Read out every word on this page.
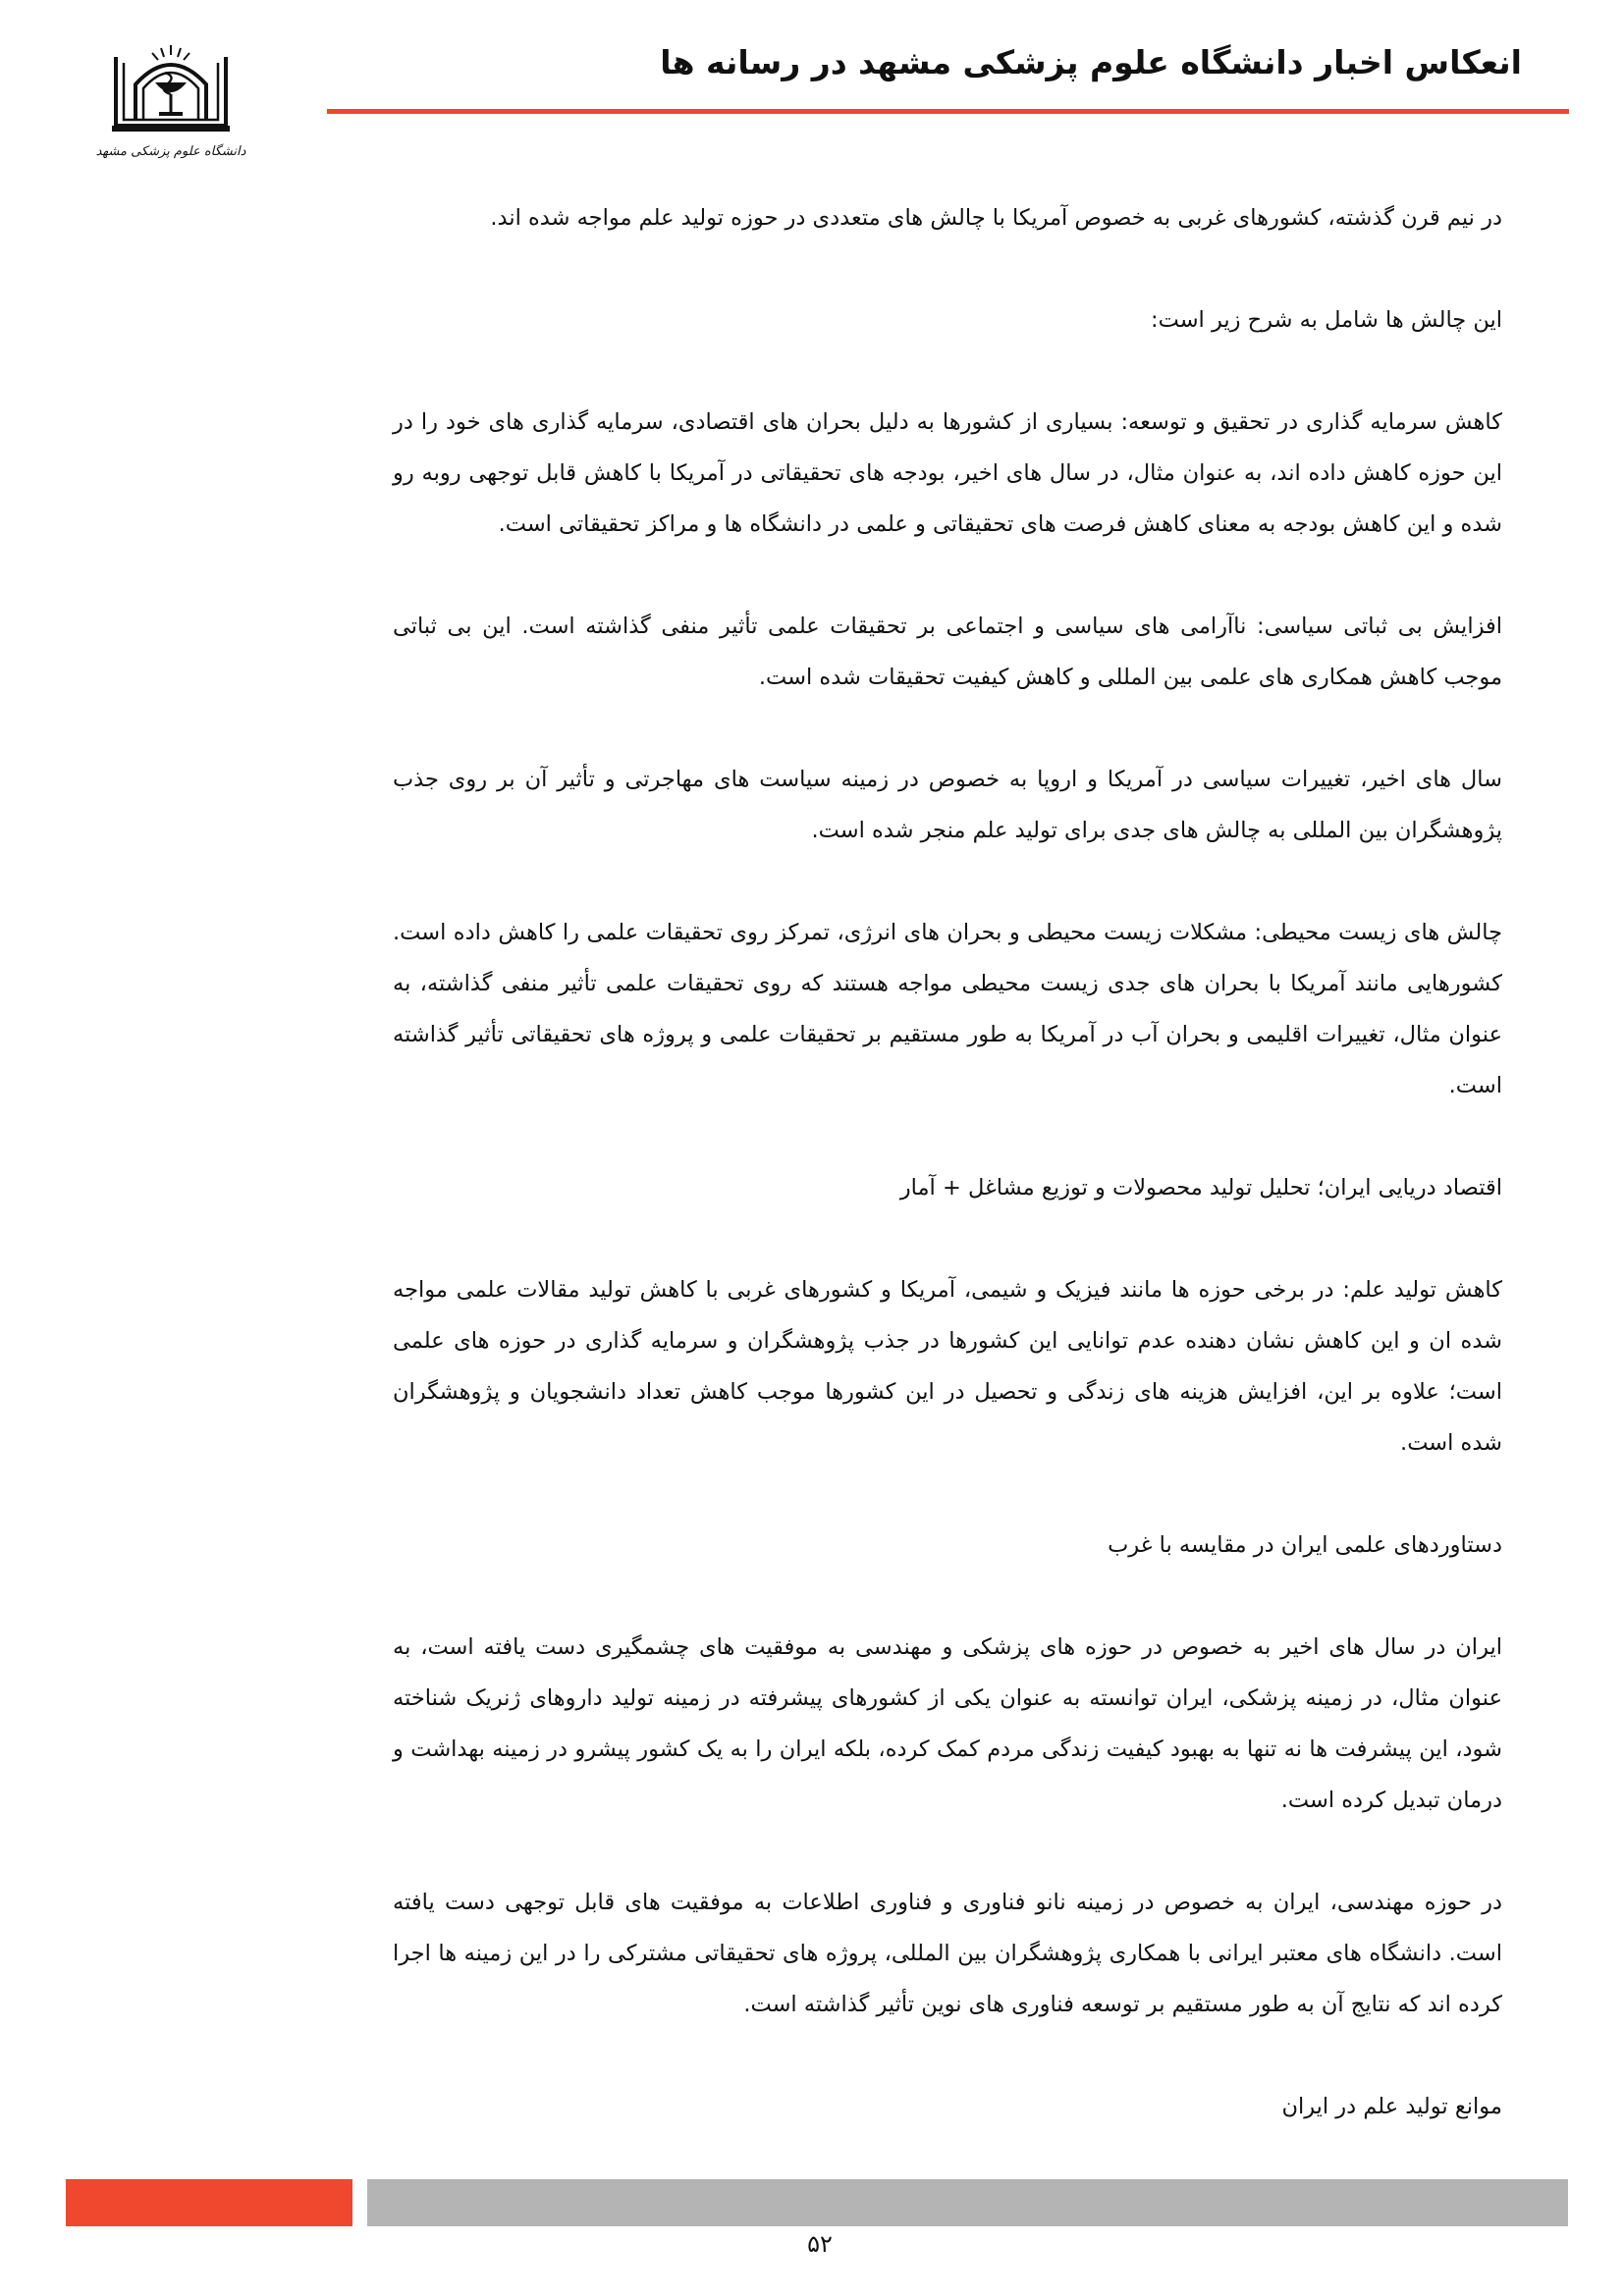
دانشگاه علوم پزشکی مشهد
انعکاس اخبار دانشگاه علوم پزشکی مشهد در رسانه ها

در نیم قرن گذشته، کشورهای غربی به خصوص آمریکا با چالش های متعددی در حوزه تولید علم مواجه شده اند.

این چالش ها شامل به شرح زیر است:

کاهش سرمایه گذاری در تحقیق و توسعه: بسیاری از کشورها به دلیل بحران های اقتصادی، سرمایه گذاری های خود را در این حوزه کاهش داده اند، به عنوان مثال، در سال های اخیر، بودجه های تحقیقاتی در آمریکا با کاهش قابل توجهی روبه رو شده و این کاهش بودجه به معنای کاهش فرصت های تحقیقاتی و علمی در دانشگاه ها و مراکز تحقیقاتی است.

افزایش بی ثباتی سیاسی: ناآرامی های سیاسی و اجتماعی بر تحقیقات علمی تأثیر منفی گذاشته است. این بی ثباتی موجب کاهش همکاری های علمی بین المللی و کاهش کیفیت تحقیقات شده است.

سال های اخیر، تغییرات سیاسی در آمریکا و اروپا به خصوص در زمینه سیاست های مهاجرتی و تأثیر آن بر روی جذب پژوهشگران بین المللی به چالش های جدی برای تولید علم منجر شده است.

چالش های زیست محیطی: مشکلات زیست محیطی و بحران های انرژی، تمرکز روی تحقیقات علمی را کاهش داده است. کشورهایی مانند آمریکا با بحران های جدی زیست محیطی مواجه هستند که روی تحقیقات علمی تأثیر منفی گذاشته، به عنوان مثال، تغییرات اقلیمی و بحران آب در آمریکا به طور مستقیم بر تحقیقات علمی و پروژه های تحقیقاتی تأثیر گذاشته است.

اقتصاد دریایی ایران؛ تحلیل تولید محصولات و توزیع مشاغل + آمار

کاهش تولید علم: در برخی حوزه ها مانند فیزیک و شیمی، آمریکا و کشورهای غربی با کاهش تولید مقالات علمی مواجه شده ان و این کاهش نشان دهنده عدم توانایی این کشورها در جذب پژوهشگران و سرمایه گذاری در حوزه های علمی است؛ علاوه بر این، افزایش هزینه های زندگی و تحصیل در این کشورها موجب کاهش تعداد دانشجویان و پژوهشگران شده است.

دستاوردهای علمی ایران در مقایسه با غرب

ایران در سال های اخیر به خصوص در حوزه های پزشکی و مهندسی به موفقیت های چشمگیری دست یافته است، به عنوان مثال، در زمینه پزشکی، ایران توانسته به عنوان یکی از کشورهای پیشرفته در زمینه تولید داروهای ژنریک شناخته شود، این پیشرفت ها نه تنها به بهبود کیفیت زندگی مردم کمک کرده، بلکه ایران را به یک کشور پیشرو در زمینه بهداشت و درمان تبدیل کرده است.

در حوزه مهندسی، ایران به خصوص در زمینه نانو فناوری و فناوری اطلاعات به موفقیت های قابل توجهی دست یافته است. دانشگاه های معتبر ایرانی با همکاری پژوهشگران بین المللی، پروژه های تحقیقاتی مشترکی را در این زمینه ها اجرا کرده اند که نتایج آن به طور مستقیم بر توسعه فناوری های نوین تأثیر گذاشته است.

موانع تولید علم در ایران

۵۲
